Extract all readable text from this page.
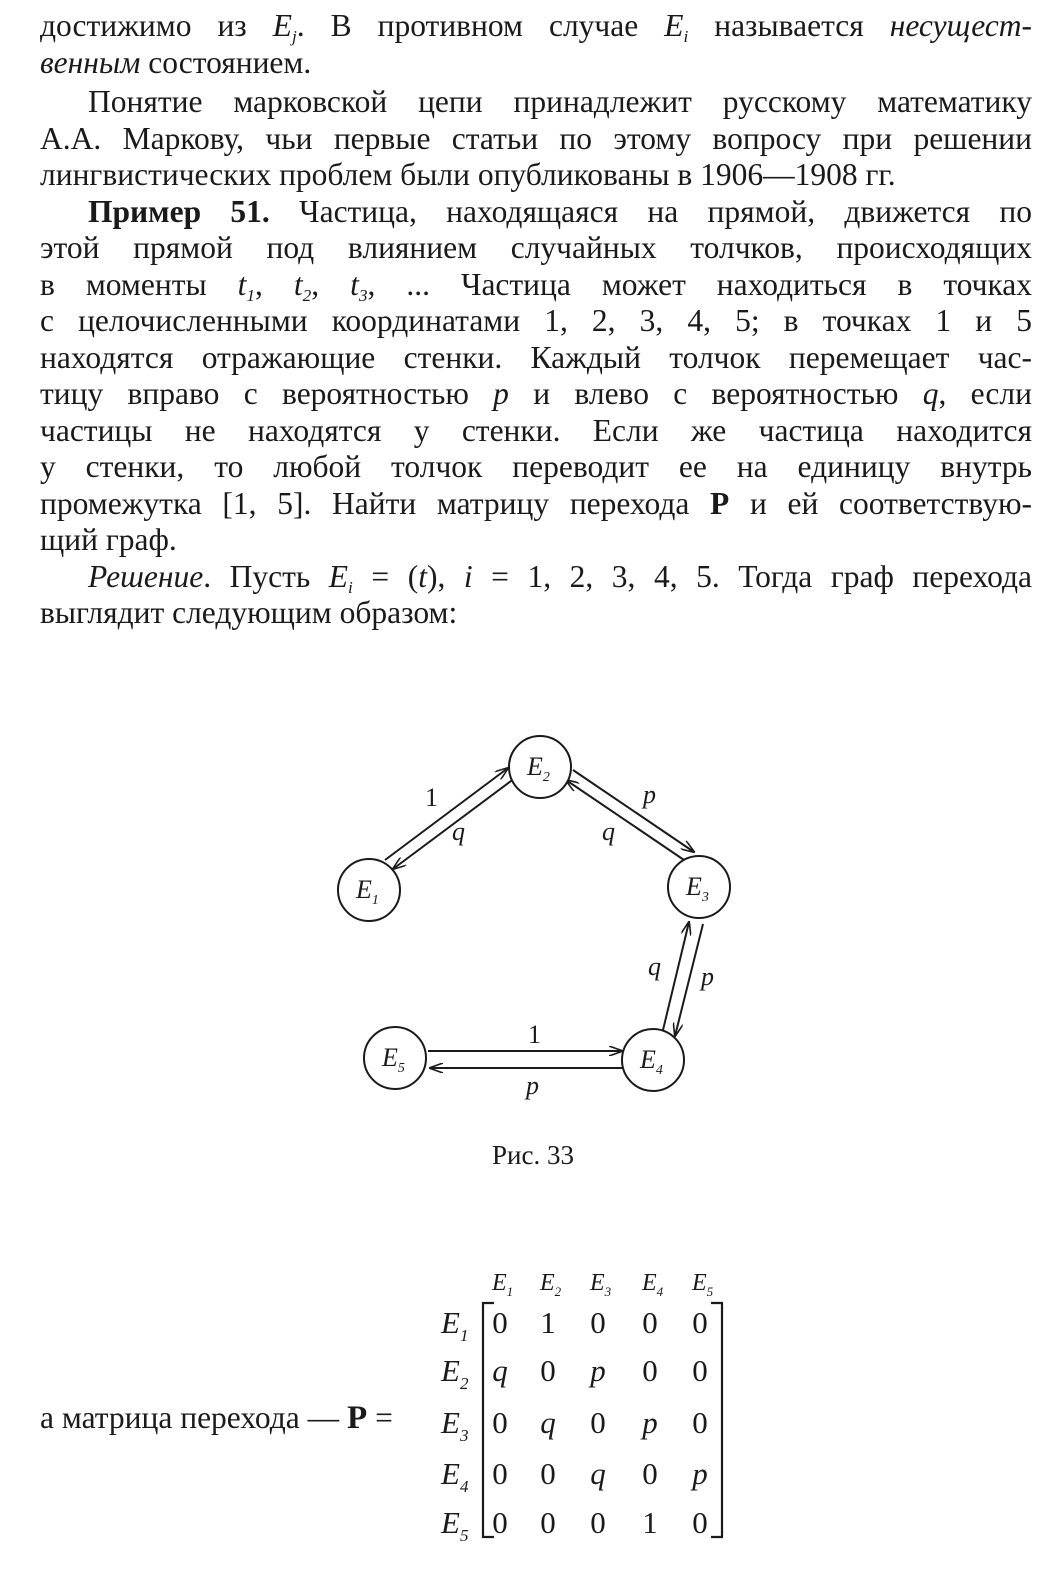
достижимо из $E_j$. В противном случае $E_i$ называется несущест-

венным состоянием.

Понятие марковской цепи принадлежит русскому математику

А.А. Маркову, чьи первые статьи по этому вопросу при решении

лингвистических проблем были опубликованы в 1906—1908 гг.

Пример 51. Частица, находящаяся на прямой, движется по

этой прямой под влиянием случайных толчков, происходящих

в моменты $t_1$, $t_2$, $t_3$, ... Частица может находиться в точках

с целочисленными координатами 1, 2, 3, 4, 5; в точках 1 и 5

находятся отражающие стенки. Каждый толчок перемещает час-

тицу вправо с вероятностью p и влево с вероятностью q, если

частицы не находятся у стенки. Если же частица находится

у стенки, то любой толчок переводит ее на единицу внутрь

промежутка [1, 5]. Найти матрицу перехода P и ей соответствую-

щий граф.

Решение. Пусть $E_i = (t)$, i = 1, 2, 3, 4, 5. Тогда граф перехода

выглядит следующим образом:

$E_1$
$E_2$
$E_3$
$E_4$
$E_5$
1
q
p
q
q p
1
p
Рис. 33
а матрица перехода — P =
$E_1$ $E_2$ $E_3$ $E_4$ $E_5$
$E_1$
$E_2$
$E_3$
$E_4$
$E_5$
0 1 0 0 0
q 0 p 0 0
0 q 0 p 0
0 0 q 0 p
0 0 0 1 0
